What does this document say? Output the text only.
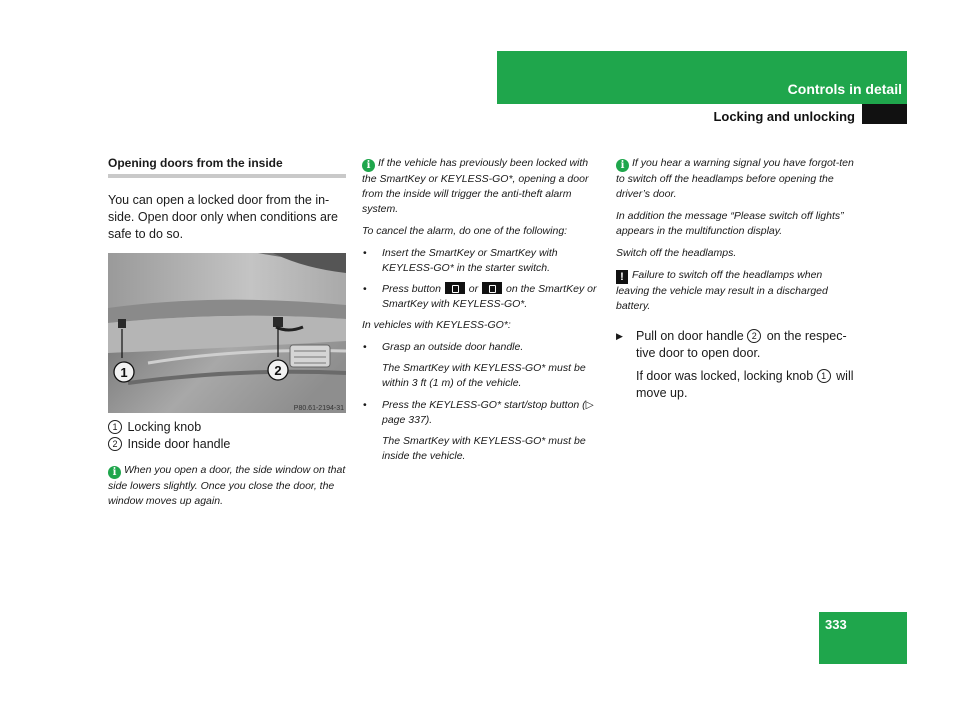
Controls in detail
Locking and unlocking
Opening doors from the inside

You can open a locked door from the in-side. Open door only when conditions are safe to do so.

1	2
P80.61-2194-31
1 Locking knob
2 Inside door handle

i When you open a door, the side window on that side lowers slightly. Once you close the door, the window moves up again.

i If the vehicle has previously been locked with the SmartKey or KEYLESS-GO*, opening a door from the inside will trigger the anti-theft alarm system.

To cancel the alarm, do one of the following:

• Insert the SmartKey or SmartKey with KEYLESS-GO* in the starter switch.
• Press button	or	on the SmartKey or SmartKey with KEYLESS-GO*.

In vehicles with KEYLESS-GO*:

• Grasp an outside door handle.

The SmartKey with KEYLESS-GO* must be within 3 ft (1 m) of the vehicle.

• Press the KEYLESS-GO* start/stop button (▷ page 337).

The SmartKey with KEYLESS-GO* must be inside the vehicle.

i If you hear a warning signal you have forgot-ten to switch off the headlamps before opening the driver’s door.

In addition the message “Please switch off lights” appears in the multifunction display.

Switch off the headlamps.

! Failure to switch off the headlamps when leaving the vehicle may result in a discharged battery.

▶ Pull on door handle 2 on the respec-tive door to open door.

If door was locked, locking knob 1 will move up.

333
